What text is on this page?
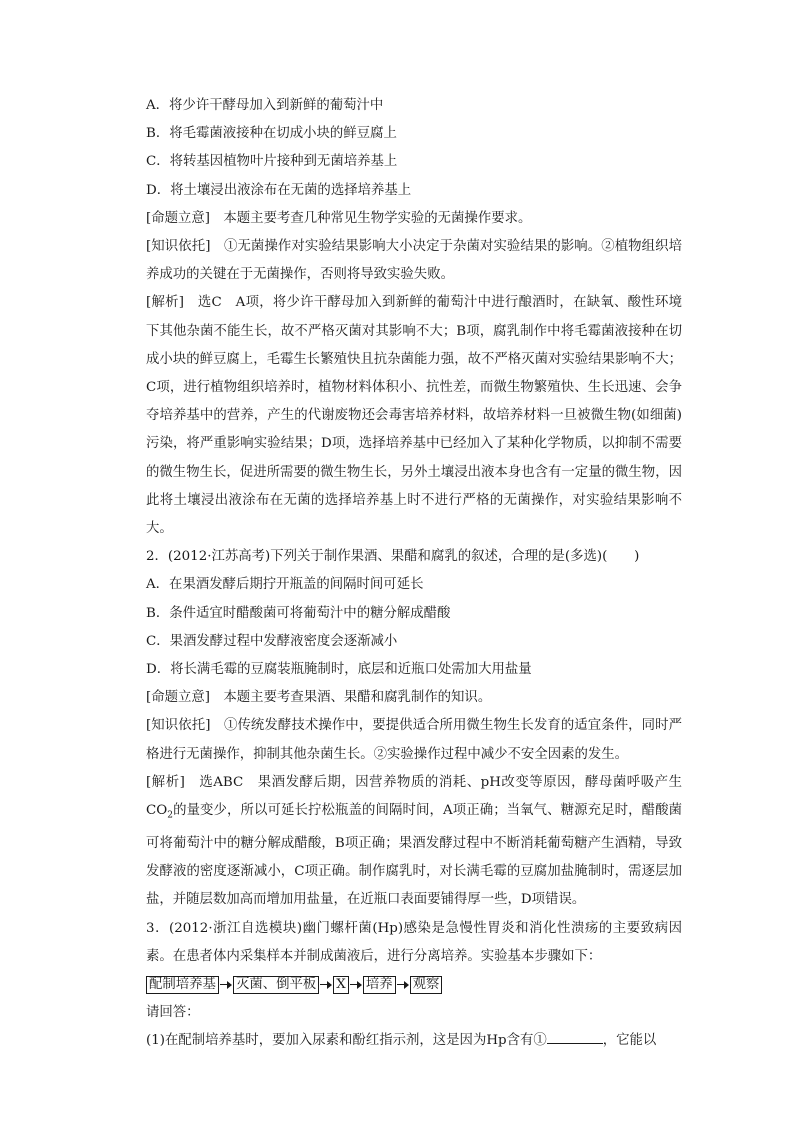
A．将少许干酵母加入到新鲜的葡萄汁中
B．将毛霉菌液接种在切成小块的鲜豆腐上
C．将转基因植物叶片接种到无菌培养基上
D．将土壤浸出液涂布在无菌的选择培养基上
[命题立意]　本题主要考查几种常见生物学实验的无菌操作要求。
[知识依托]　①无菌操作对实验结果影响大小决定于杂菌对实验结果的影响。②植物组织培养成功的关键在于无菌操作，否则将导致实验失败。
[解析]　选C　A项，将少许干酵母加入到新鲜的葡萄汁中进行酿酒时，在缺氧、酸性环境下其他杂菌不能生长，故不严格灭菌对其影响不大；B项，腐乳制作中将毛霉菌液接种在切成小块的鲜豆腐上，毛霉生长繁殖快且抗杂菌能力强，故不严格灭菌对实验结果影响不大；C项，进行植物组织培养时，植物材料体积小、抗性差，而微生物繁殖快、生长迅速、会争夺培养基中的营养，产生的代谢废物还会毒害培养材料，故培养材料一旦被微生物(如细菌)污染，将严重影响实验结果；D项，选择培养基中已经加入了某种化学物质，以抑制不需要的微生物生长，促进所需要的微生物生长，另外土壤浸出液本身也含有一定量的微生物，因此将土壤浸出液涂布在无菌的选择培养基上时不进行严格的无菌操作，对实验结果影响不大。
2．(2012·江苏高考)下列关于制作果酒、果醋和腐乳的叙述，合理的是(多选)(　　)
A．在果酒发酵后期拧开瓶盖的间隔时间可延长
B．条件适宜时醋酸菌可将葡萄汁中的糖分解成醋酸
C．果酒发酵过程中发酵液密度会逐渐减小
D．将长满毛霉的豆腐装瓶腌制时，底层和近瓶口处需加大用盐量
[命题立意]　本题主要考查果酒、果醋和腐乳制作的知识。
[知识依托]　①传统发酵技术操作中，要提供适合所用微生物生长发育的适宜条件，同时严格进行无菌操作，抑制其他杂菌生长。②实验操作过程中减少不安全因素的发生。
[解析]　选ABC　果酒发酵后期，因营养物质的消耗、pH改变等原因，酵母菌呼吸产生$CO_2$的量变少，所以可延长拧松瓶盖的间隔时间，A项正确；当氧气、糖源充足时，醋酸菌可将葡萄汁中的糖分解成醋酸，B项正确；果酒发酵过程中不断消耗葡萄糖产生酒精，导致发酵液的密度逐渐减小，C项正确。制作腐乳时，对长满毛霉的豆腐加盐腌制时，需逐层加盐，并随层数加高而增加用盐量，在近瓶口表面要铺得厚一些，D项错误。
3．(2012·浙江自选模块)幽门螺杆菌(Hp)感染是急慢性胃炎和消化性溃疡的主要致病因素。在患者体内采集样本并制成菌液后，进行分离培养。实验基本步骤如下：
配制培养基 灭菌、倒平板 X 培养 观察
请回答：
(1)在配制培养基时，要加入尿素和酚红指示剂，这是因为Hp含有①	，它能以
